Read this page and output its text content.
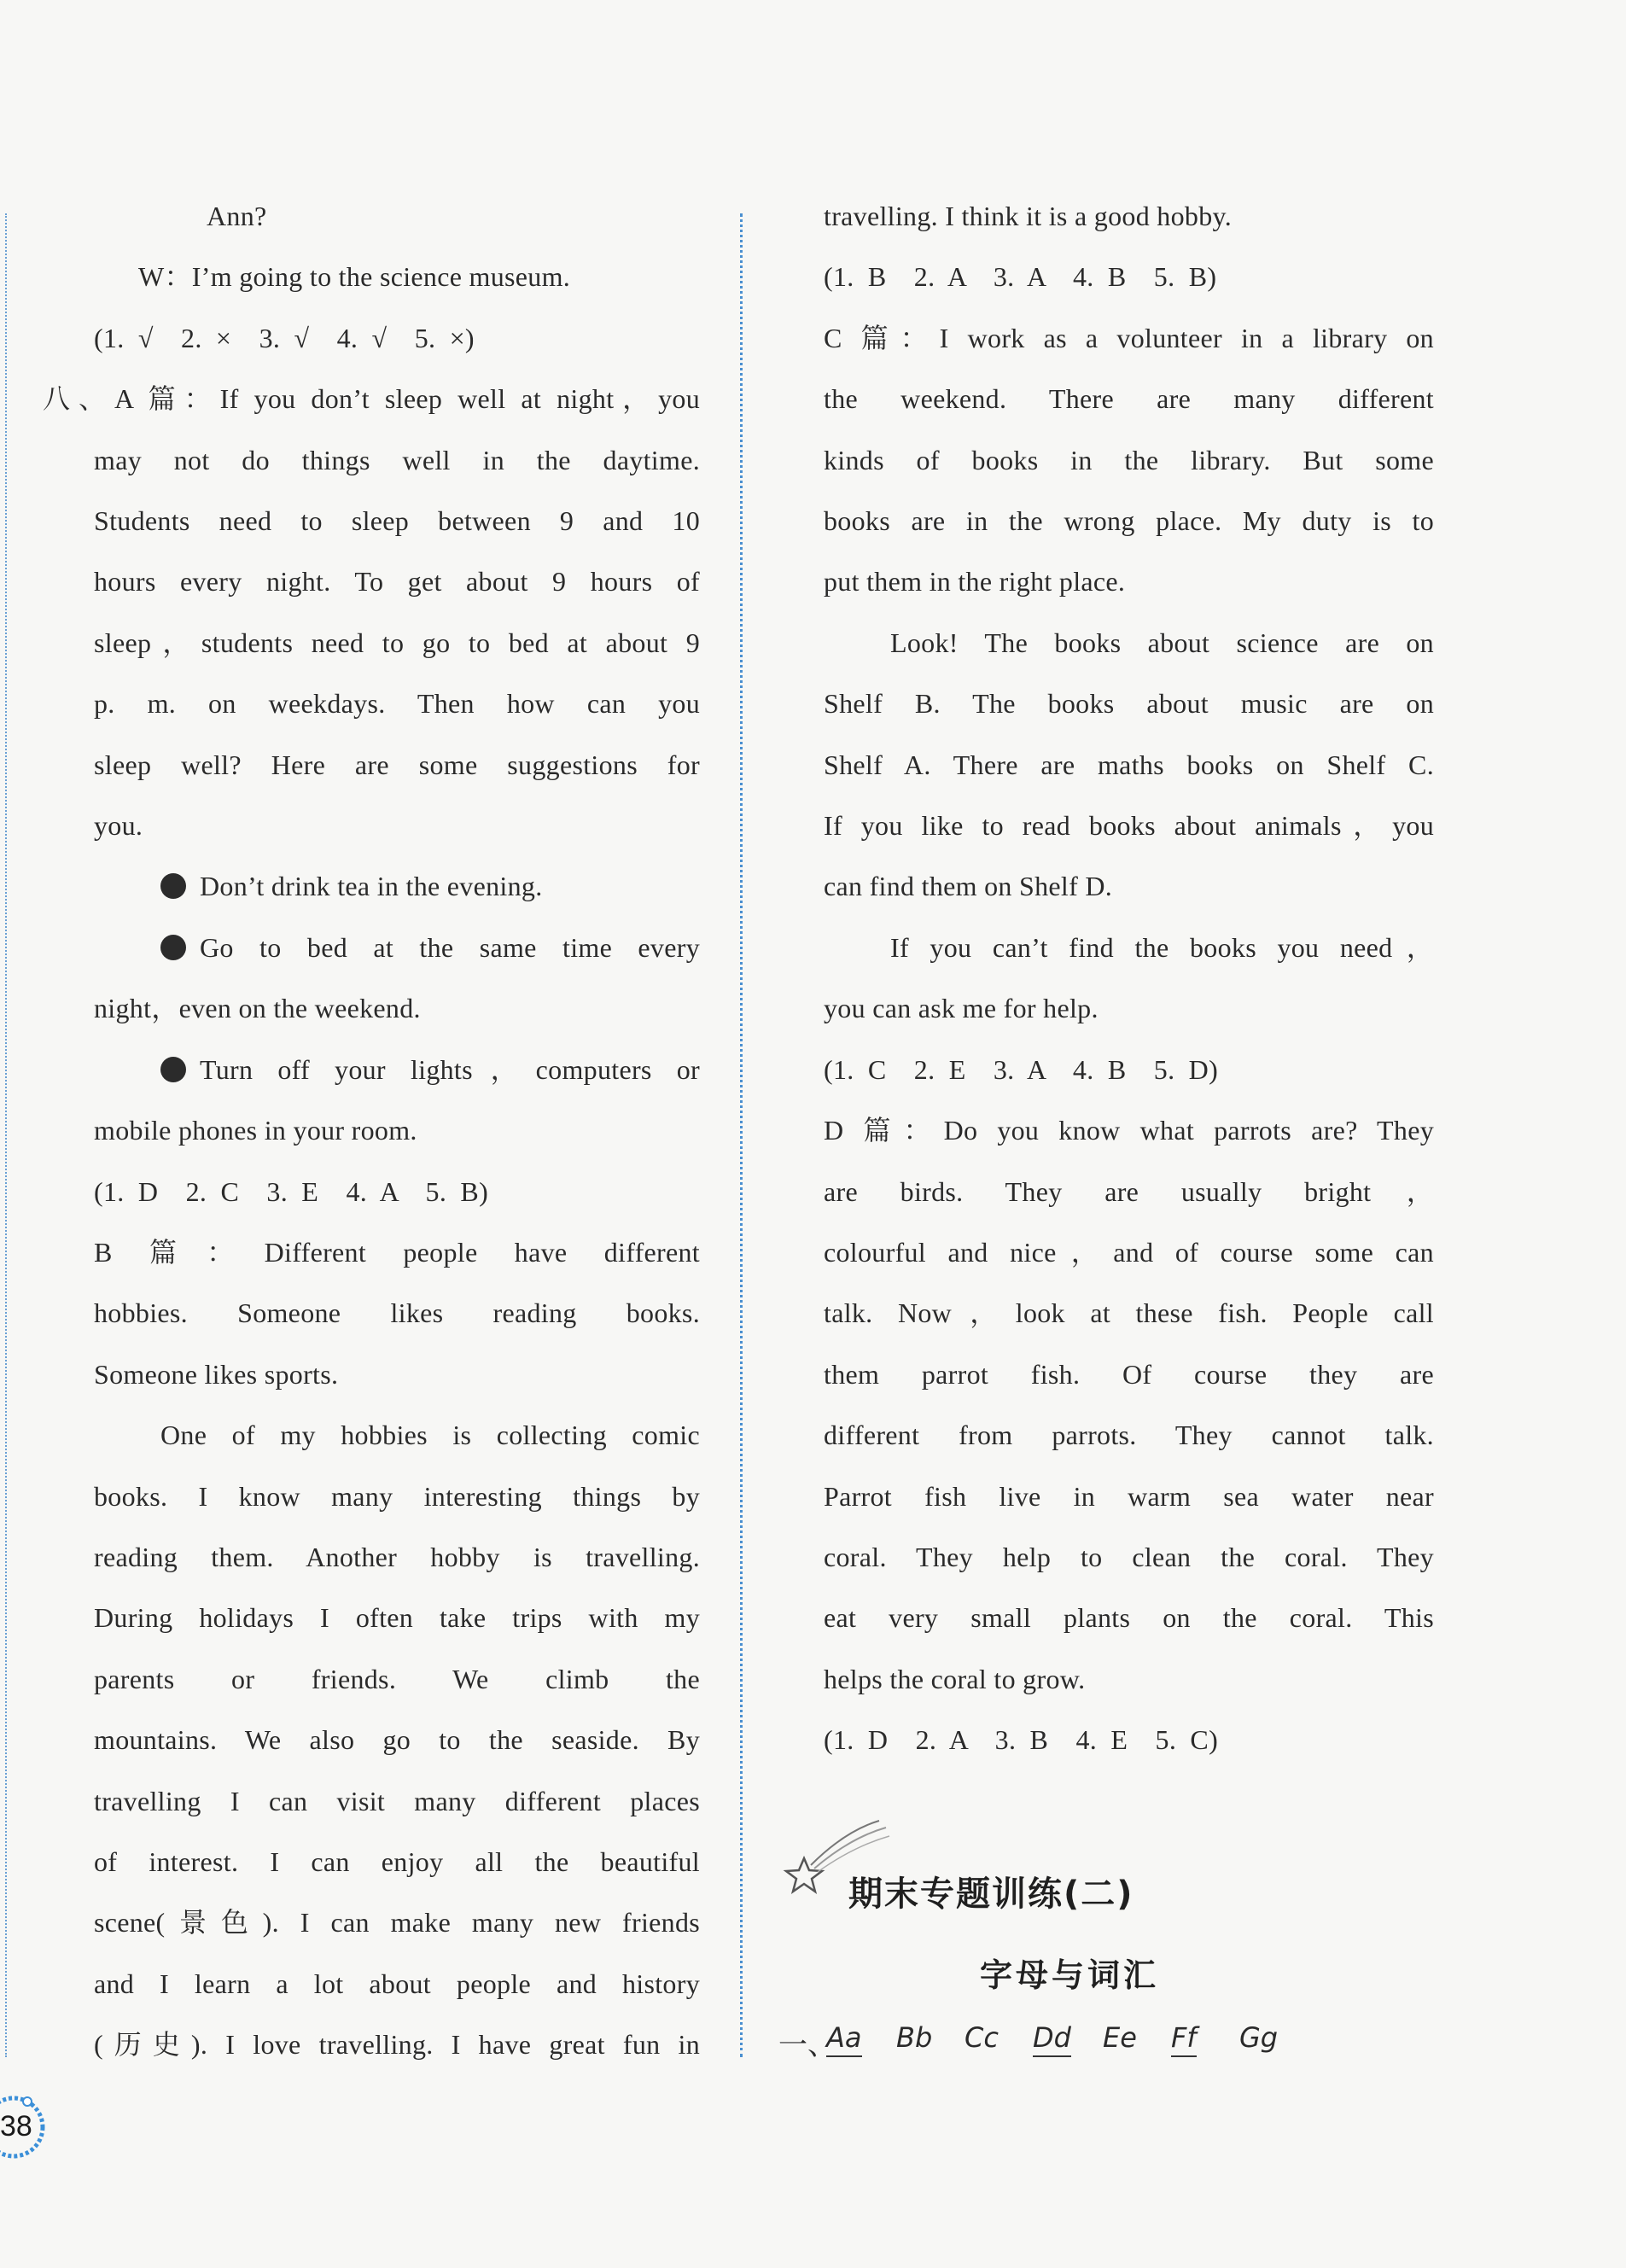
Ann?

W：I’m going to the science museum.

(1. √　2. ×　3. √　4. √　5. ×)

八、A 篇：If you don’t sleep well at night，you

may not do things well in the daytime.

Students need to sleep between 9 and 10

hours every night. To get about 9 hours of

sleep，students need to go to bed at about 9

p. m. on weekdays. Then how can you

sleep well? Here are some suggestions for

you.

Don’t drink tea in the evening.

Go to bed at the same time every

night，even on the weekend.

Turn off your lights，computers or

mobile phones in your room.

(1. D　2. C　3. E　4. A　5. B)

B 篇：Different people have different

hobbies. Someone likes reading books.

Someone likes sports.

One of my hobbies is collecting comic

books. I know many interesting things by

reading them. Another hobby is travelling.

During holidays I often take trips with my

parents or friends. We climb the

mountains. We also go to the seaside. By

travelling I can visit many different places

of interest. I can enjoy all the beautiful

scene(景色). I can make many new friends

and I learn a lot about people and history

(历史). I love travelling. I have great fun in

travelling. I think it is a good hobby.

(1. B　2. A　3. A　4. B　5. B)

C 篇：I work as a volunteer in a library on

the weekend. There are many different

kinds of books in the library. But some

books are in the wrong place. My duty is to

put them in the right place.

Look! The books about science are on

Shelf B. The books about music are on

Shelf A. There are maths books on Shelf C.

If you like to read books about animals，you

can find them on Shelf D.

If you can’t find the books you need，

you can ask me for help.

(1. C　2. E　3. A　4. B　5. D)

D 篇：Do you know what parrots are? They

are birds. They are usually bright，

colourful and nice，and of course some can

talk. Now，look at these fish. People call

them parrot fish. Of course they are

different from parrots. They cannot talk.

Parrot fish live in warm sea water near

coral. They help to clean the coral. They

eat very small plants on the coral. This

helps the coral to grow.

(1. D　2. A　3. B　4. E　5. C)

期末专题训练(二)
字母与词汇
一、
Aa Bb Cc Dd Ee Ff Gg
38
